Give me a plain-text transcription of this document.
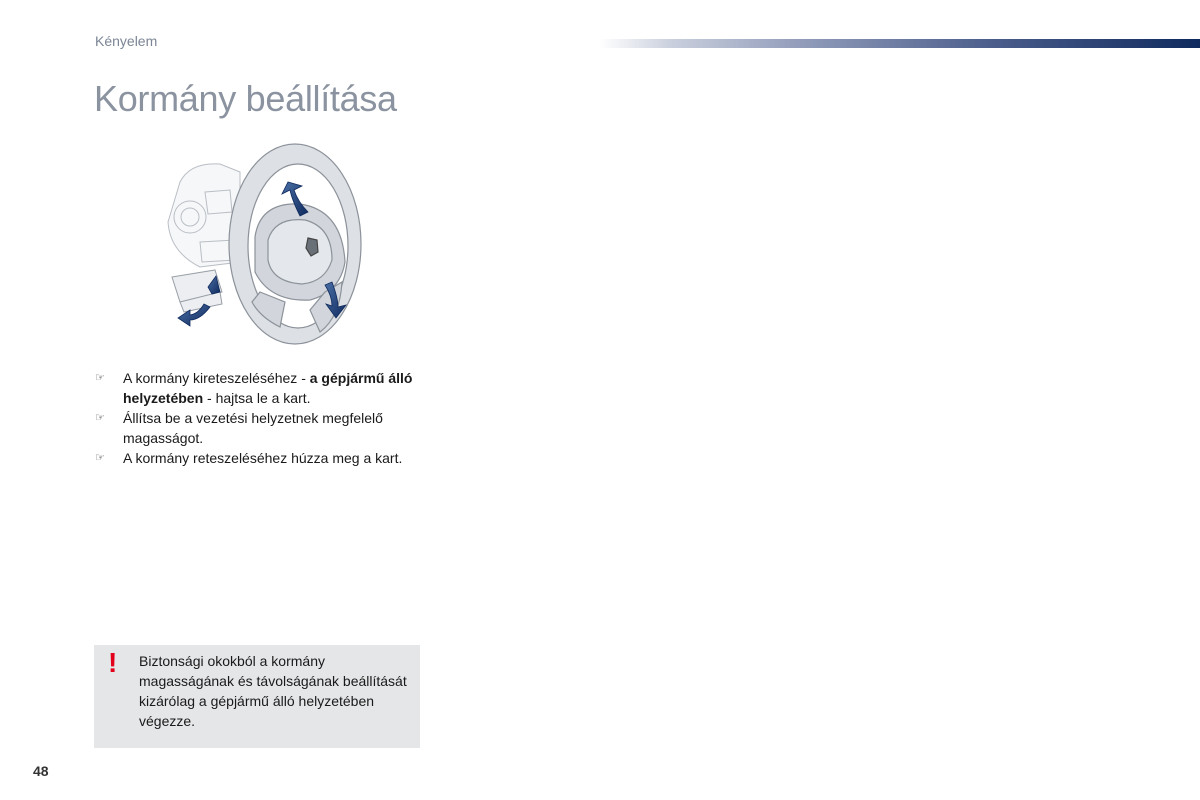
Kényelem
Kormány beállítása
☞ A kormány kireteszeléséhez - a gépjármű álló helyzetében - hajtsa le a kart.
☞ Állítsa be a vezetési helyzetnek megfelelő magasságot.
☞ A kormány reteszeléséhez húzza meg a kart.
! Biztonsági okokból a kormány magasságának és távolságának beállítását kizárólag a gépjármű álló helyzetében végezze.

48
